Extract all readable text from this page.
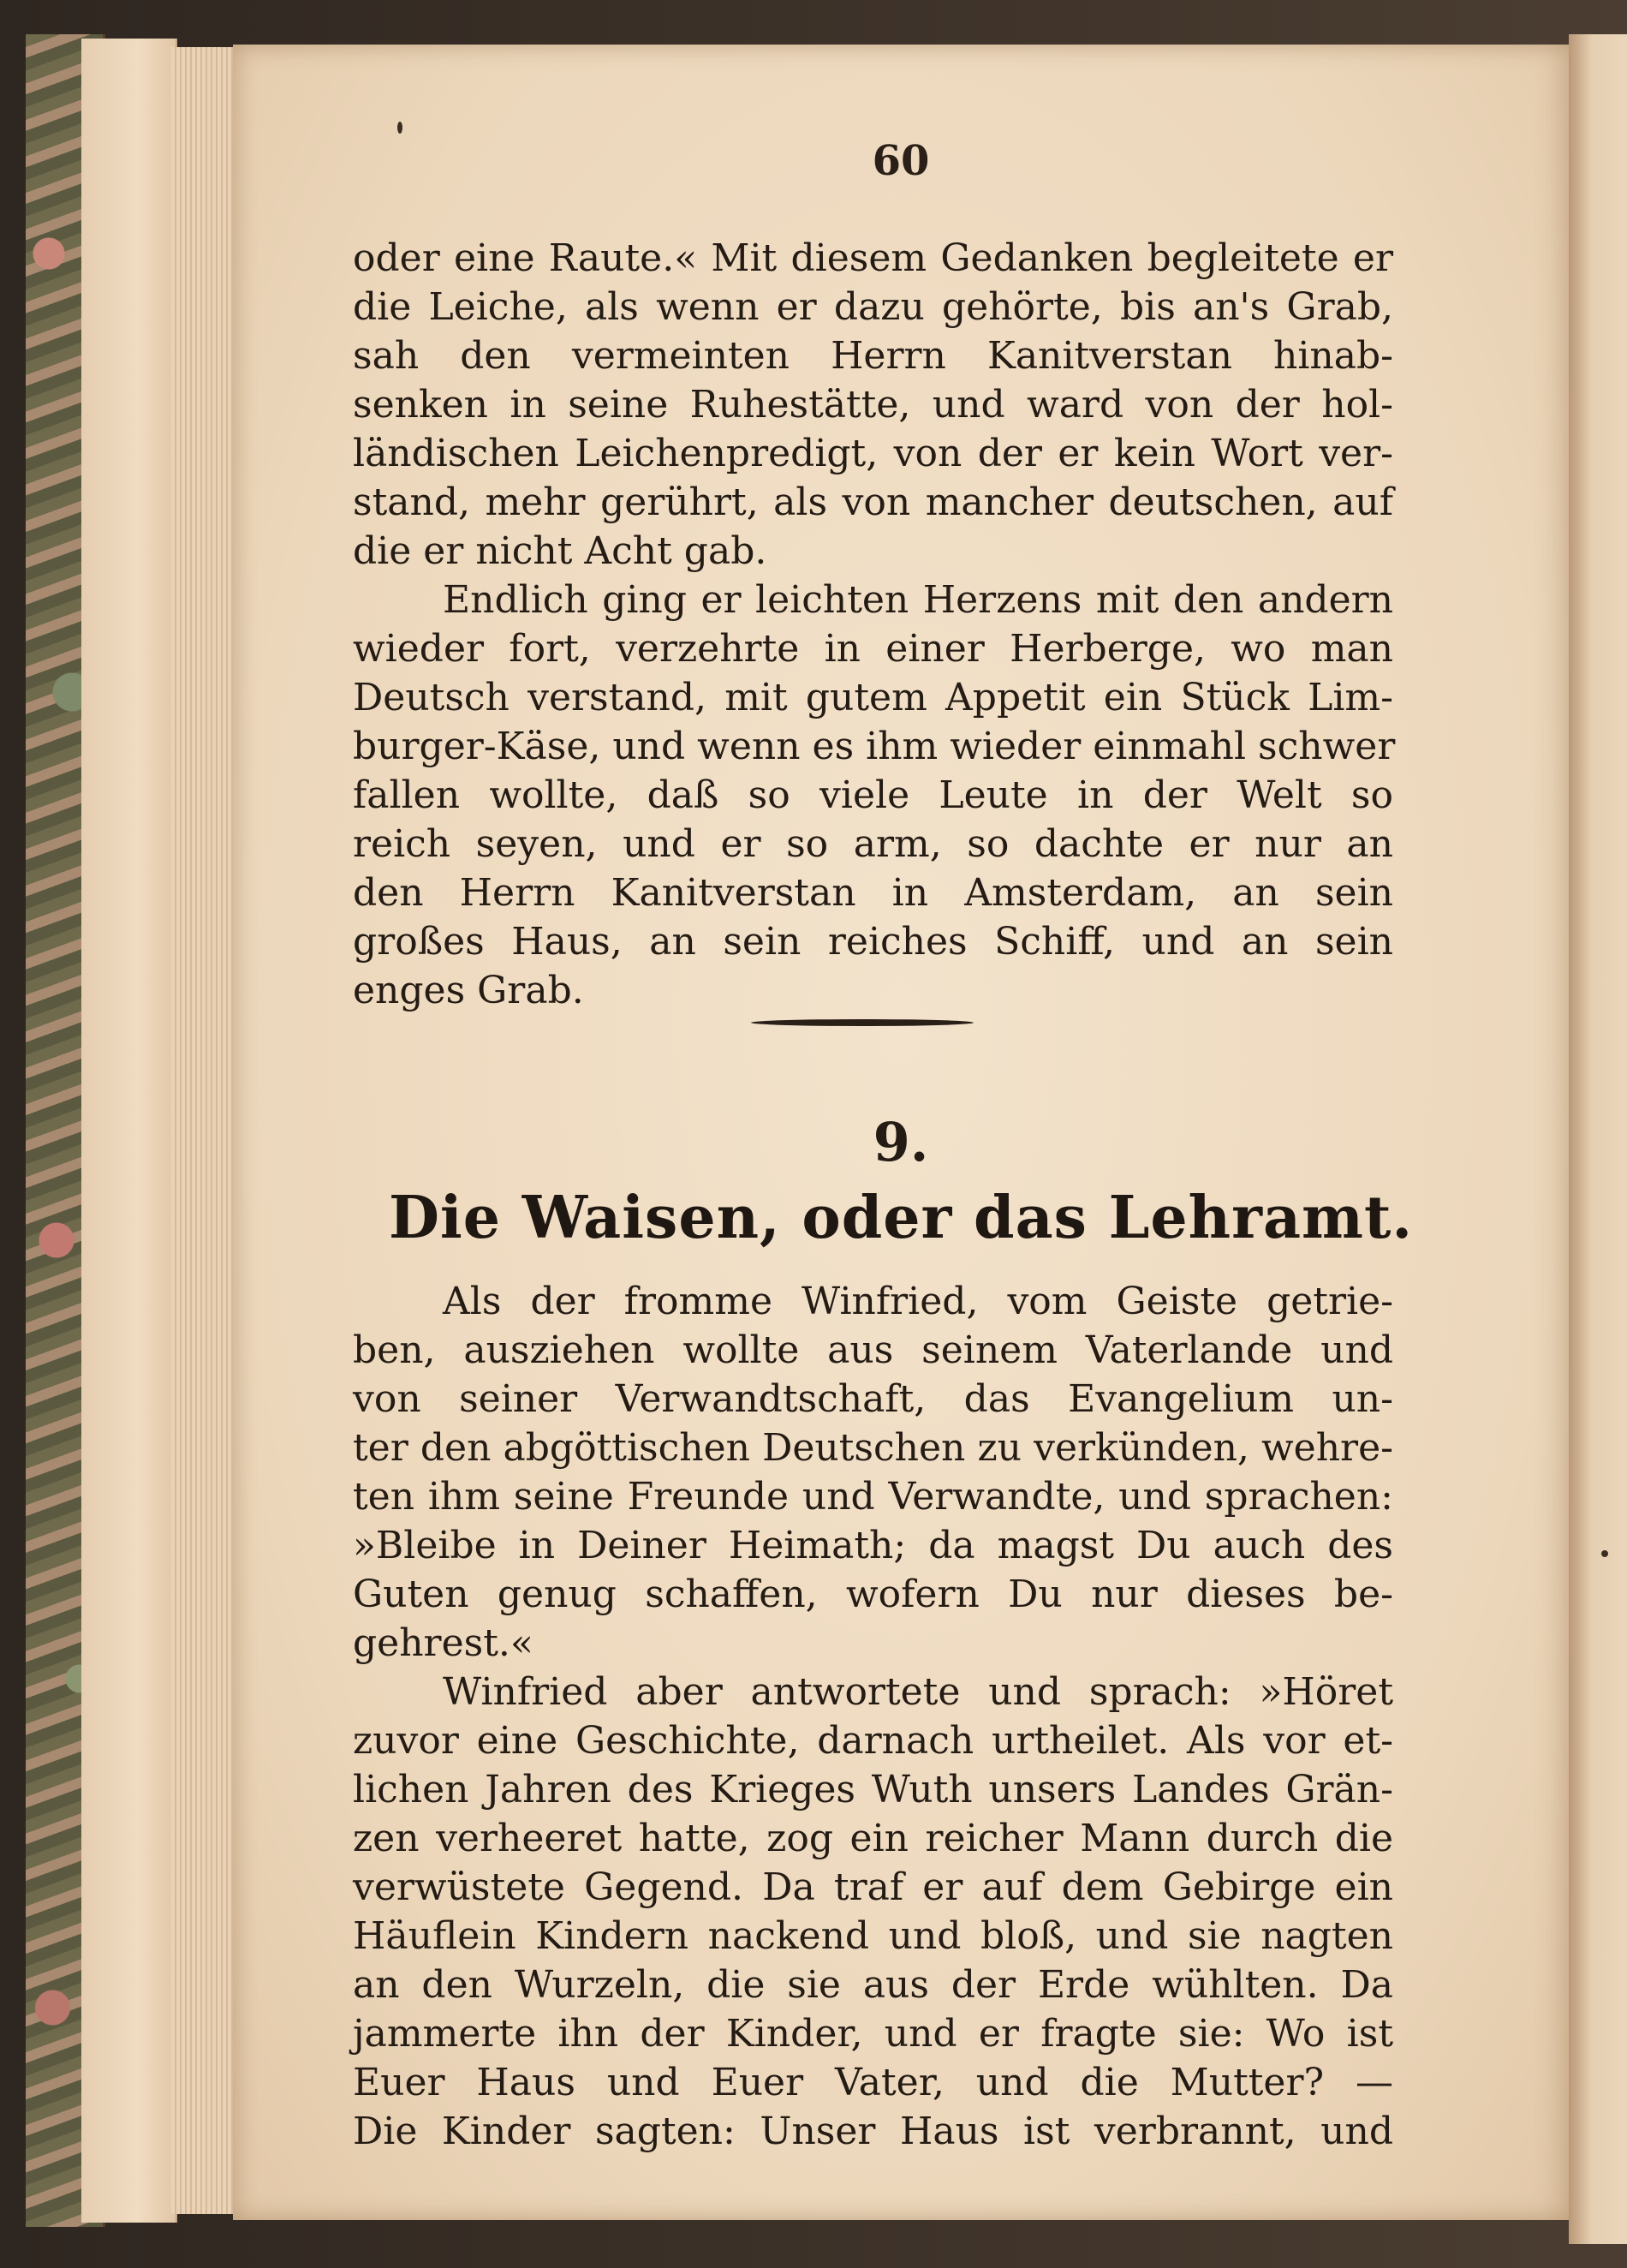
60

oder eine Raute.« Mit diesem Gedanken begleitete er

die Leiche, als wenn er dazu gehörte, bis an's Grab,

sah den vermeinten Herrn Kanitverstan hinab-

senken in seine Ruhestätte, und ward von der hol-

ländischen Leichenpredigt, von der er kein Wort ver-

stand, mehr gerührt, als von mancher deutschen, auf

die er nicht Acht gab.

Endlich ging er leichten Herzens mit den andern

wieder fort, verzehrte in einer Herberge, wo man

Deutsch verstand, mit gutem Appetit ein Stück Lim-

burger-Käse, und wenn es ihm wieder einmahl schwer

fallen wollte, daß so viele Leute in der Welt so

reich seyen, und er so arm, so dachte er nur an

den Herrn Kanitverstan in Amsterdam, an sein

großes Haus, an sein reiches Schiff, und an sein

enges Grab.

9.

Die Waisen, oder das Lehramt.

Als der fromme Winfried, vom Geiste getrie-

ben, ausziehen wollte aus seinem Vaterlande und

von seiner Verwandtschaft, das Evangelium un-

ter den abgöttischen Deutschen zu verkünden, wehre-

ten ihm seine Freunde und Verwandte, und sprachen:

»Bleibe in Deiner Heimath; da magst Du auch des

Guten genug schaffen, wofern Du nur dieses be-

gehrest.«

Winfried aber antwortete und sprach: »Höret

zuvor eine Geschichte, darnach urtheilet. Als vor et-

lichen Jahren des Krieges Wuth unsers Landes Grän-

zen verheeret hatte, zog ein reicher Mann durch die

verwüstete Gegend. Da traf er auf dem Gebirge ein

Häuflein Kindern nackend und bloß, und sie nagten

an den Wurzeln, die sie aus der Erde wühlten. Da

jammerte ihn der Kinder, und er fragte sie: Wo ist

Euer Haus und Euer Vater, und die Mutter? —

Die Kinder sagten: Unser Haus ist verbrannt, und
